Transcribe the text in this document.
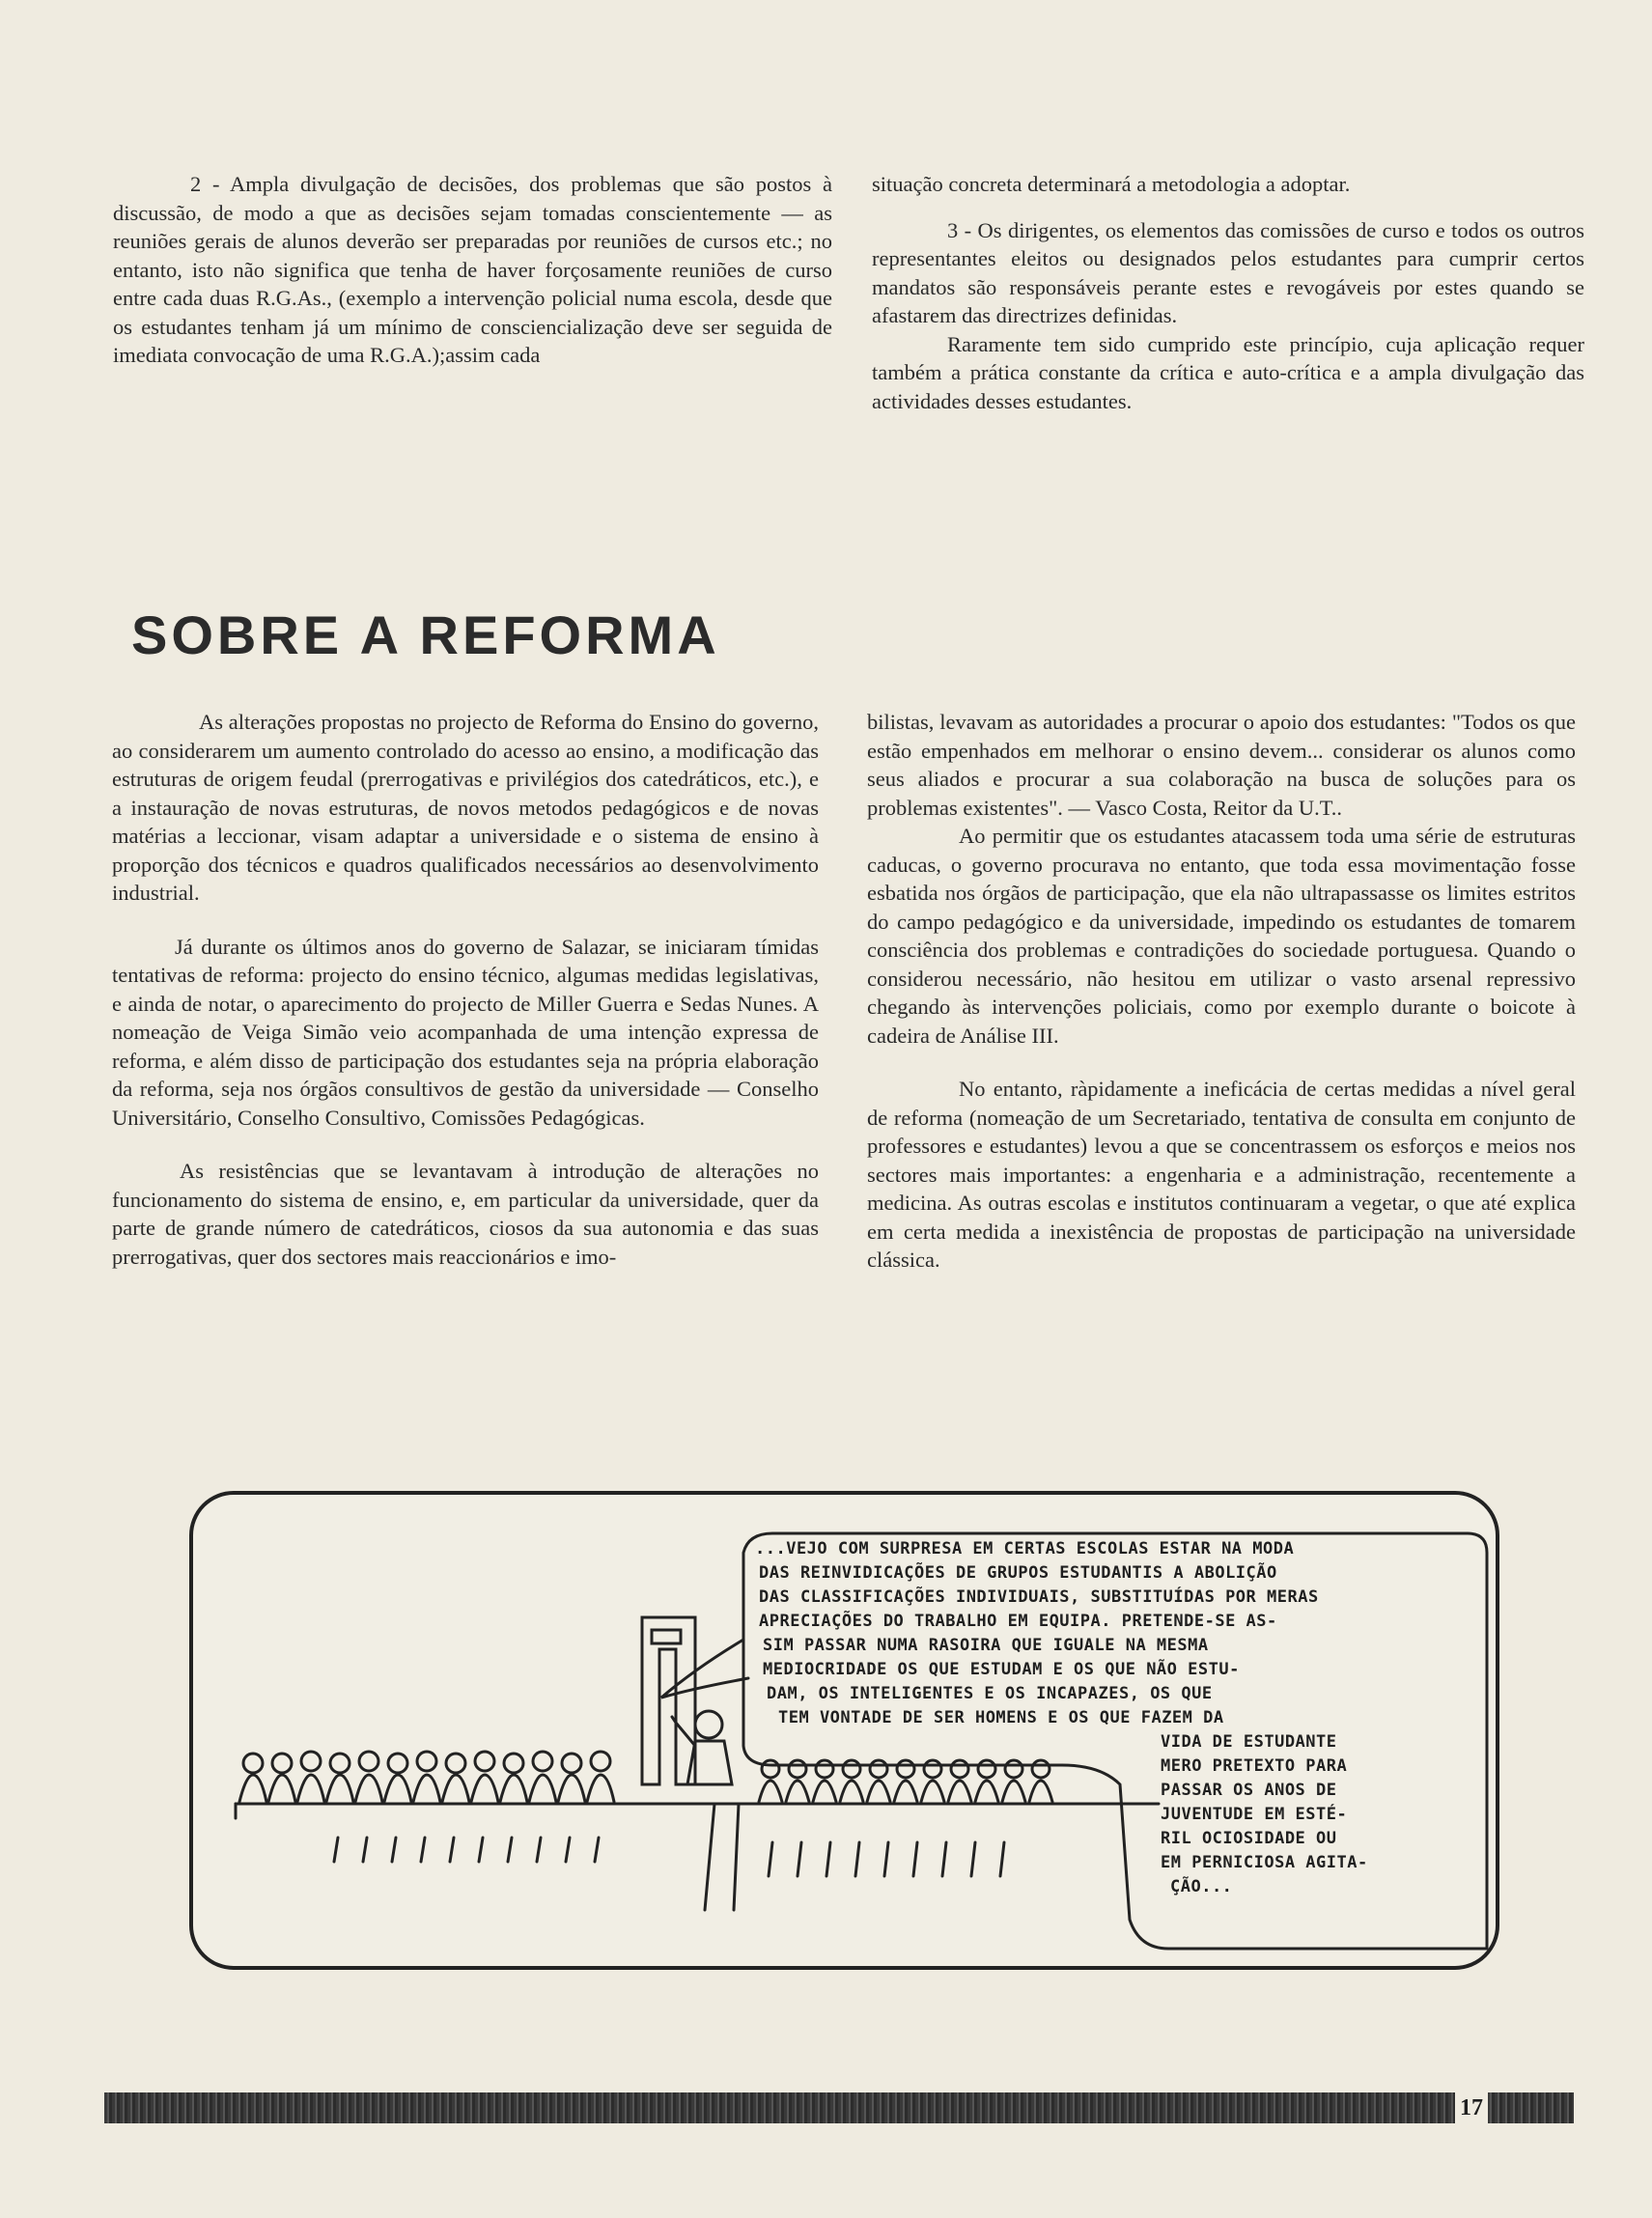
2 - Ampla divulgação de decisões, dos problemas que são postos à discussão, de modo a que as decisões sejam tomadas conscientemente — as reuniões gerais de alunos deverão ser preparadas por reuniões de cursos etc.; no entanto, isto não significa que tenha de haver forçosamente reuniões de curso entre cada duas R.G.As., (exemplo a intervenção policial numa escola, desde que os estudantes tenham já um mínimo de consciencialização deve ser seguida de imediata convocação de uma R.G.A.);assim cada

situação concreta determinará a metodologia a adoptar.

3 - Os dirigentes, os elementos das comissões de curso e todos os outros representantes eleitos ou designados pelos estudantes para cumprir certos mandatos são responsáveis perante estes e revogáveis por estes quando se afastarem das directrizes definidas.

Raramente tem sido cumprido este princípio, cuja aplicação requer também a prática constante da crítica e auto-crítica e a ampla divulgação das actividades desses estudantes.

SOBRE A REFORMA

As alterações propostas no projecto de Reforma do Ensino do governo, ao considerarem um aumento controlado do acesso ao ensino, a modificação das estruturas de origem feudal (prerrogativas e privilégios dos catedráticos, etc.), e a instauração de novas estruturas, de novos metodos pedagógicos e de novas matérias a leccionar, visam adaptar a universidade e o sistema de ensino à proporção dos técnicos e quadros qualificados necessários ao desenvolvimento industrial.

Já durante os últimos anos do governo de Salazar, se iniciaram tímidas tentativas de reforma: projecto do ensino técnico, algumas medidas legislativas, e ainda de notar, o aparecimento do projecto de Miller Guerra e Sedas Nunes. A nomeação de Veiga Simão veio acompanhada de uma intenção expressa de reforma, e além disso de participação dos estudantes seja na própria elaboração da reforma, seja nos órgãos consultivos de gestão da universidade — Conselho Universitário, Conselho Consultivo, Comissões Pedagógicas.

As resistências que se levantavam à introdução de alterações no funcionamento do sistema de ensino, e, em particular da universidade, quer da parte de grande número de catedráticos, ciosos da sua autonomia e das suas prerrogativas, quer dos sectores mais reaccionários e imo-

bilistas, levavam as autoridades a procurar o apoio dos estudantes: "Todos os que estão empenhados em melhorar o ensino devem... considerar os alunos como seus aliados e procurar a sua colaboração na busca de soluções para os problemas existentes". — Vasco Costa, Reitor da U.T..

Ao permitir que os estudantes atacassem toda uma série de estruturas caducas, o governo procurava no entanto, que toda essa movimentação fosse esbatida nos órgãos de participação, que ela não ultrapassasse os limites estritos do campo pedagógico e da universidade, impedindo os estudantes de tomarem consciência dos problemas e contradições do sociedade portuguesa. Quando o considerou necessário, não hesitou em utilizar o vasto arsenal repressivo chegando às intervenções policiais, como por exemplo durante o boicote à cadeira de Análise III.

No entanto, ràpidamente a ineficácia de certas medidas a nível geral de reforma (nomeação de um Secretariado, tentativa de consulta em conjunto de professores e estudantes) levou a que se concentrassem os esforços e meios nos sectores mais importantes: a engenharia e a administração, recentemente a medicina. As outras escolas e institutos continuaram a vegetar, o que até explica em certa medida a inexistência de propostas de participação na universidade clássica.

...VEJO COM SURPRESA EM CERTAS ESCOLAS ESTAR NA MODA
DAS REINVIDICAÇÕES DE GRUPOS ESTUDANTIS A ABOLIÇÃO
DAS CLASSIFICAÇÕES INDIVIDUAIS, SUBSTITUÍDAS POR MERAS
APRECIAÇÕES DO TRABALHO EM EQUIPA. PRETENDE-SE AS-
SIM PASSAR NUMA RASOIRA QUE IGUALE NA MESMA
MEDIOCRIDADE OS QUE ESTUDAM E OS QUE NÃO ESTU-
DAM, OS INTELIGENTES E OS INCAPAZES, OS QUE
TEM VONTADE DE SER HOMENS E OS QUE FAZEM DA
VIDA DE ESTUDANTE
MERO PRETEXTO PARA
PASSAR OS ANOS DE
JUVENTUDE EM ESTÉ-
RIL OCIOSIDADE OU
EM PERNICIOSA AGITA-
ÇÃO...
17
